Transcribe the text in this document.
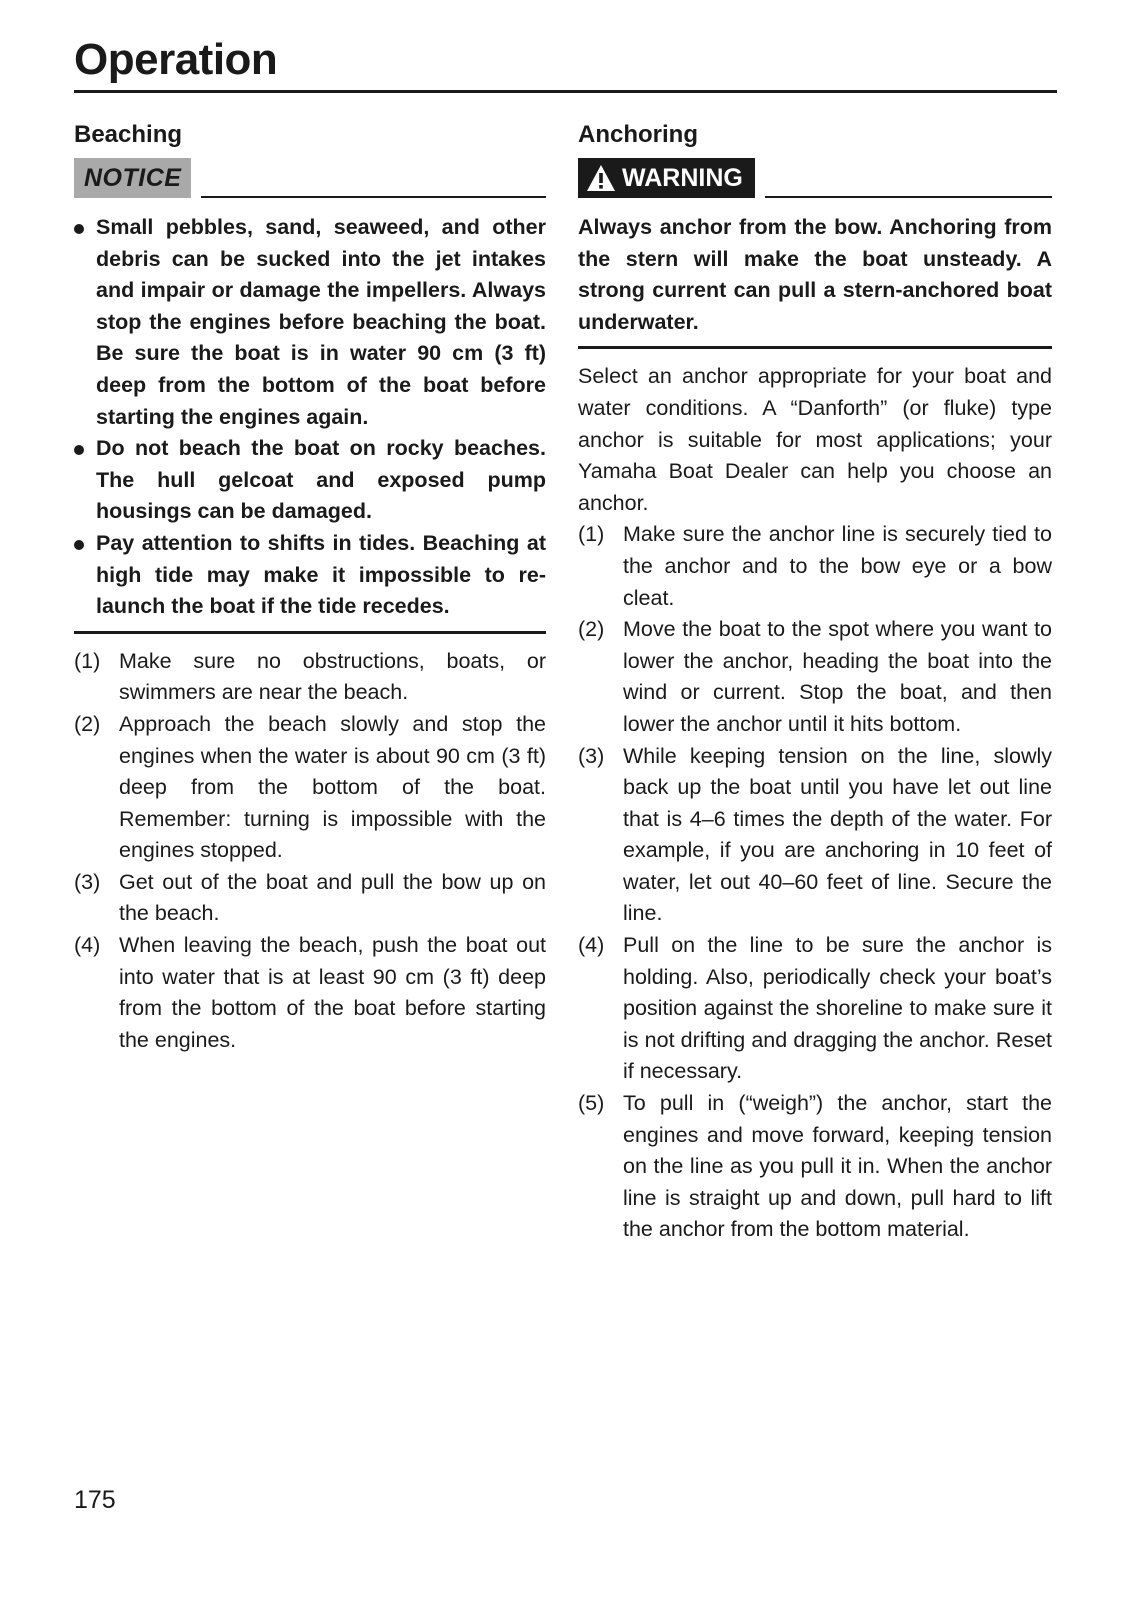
Operation
Beaching
NOTICE
Small pebbles, sand, seaweed, and other debris can be sucked into the jet intakes and impair or damage the impellers. Always stop the engines before beaching the boat. Be sure the boat is in water 90 cm (3 ft) deep from the bottom of the boat before starting the engines again.
Do not beach the boat on rocky beaches. The hull gelcoat and exposed pump housings can be damaged.
Pay attention to shifts in tides. Beaching at high tide may make it impossible to re-launch the boat if the tide recedes.
(1) Make sure no obstructions, boats, or swimmers are near the beach.
(2) Approach the beach slowly and stop the engines when the water is about 90 cm (3 ft) deep from the bottom of the boat. Remember: turning is impossible with the engines stopped.
(3) Get out of the boat and pull the bow up on the beach.
(4) When leaving the beach, push the boat out into water that is at least 90 cm (3 ft) deep from the bottom of the boat before starting the engines.
Anchoring
WARNING
Always anchor from the bow. Anchoring from the stern will make the boat unsteady. A strong current can pull a stern-anchored boat underwater.
Select an anchor appropriate for your boat and water conditions. A “Danforth” (or fluke) type anchor is suitable for most applications; your Yamaha Boat Dealer can help you choose an anchor.
(1) Make sure the anchor line is securely tied to the anchor and to the bow eye or a bow cleat.
(2) Move the boat to the spot where you want to lower the anchor, heading the boat into the wind or current. Stop the boat, and then lower the anchor until it hits bottom.
(3) While keeping tension on the line, slowly back up the boat until you have let out line that is 4–6 times the depth of the water. For example, if you are anchoring in 10 feet of water, let out 40–60 feet of line. Secure the line.
(4) Pull on the line to be sure the anchor is holding. Also, periodically check your boat’s position against the shoreline to make sure it is not drifting and dragging the anchor. Reset if necessary.
(5) To pull in (“weigh”) the anchor, start the engines and move forward, keeping tension on the line as you pull it in. When the anchor line is straight up and down, pull hard to lift the anchor from the bottom material.
175
